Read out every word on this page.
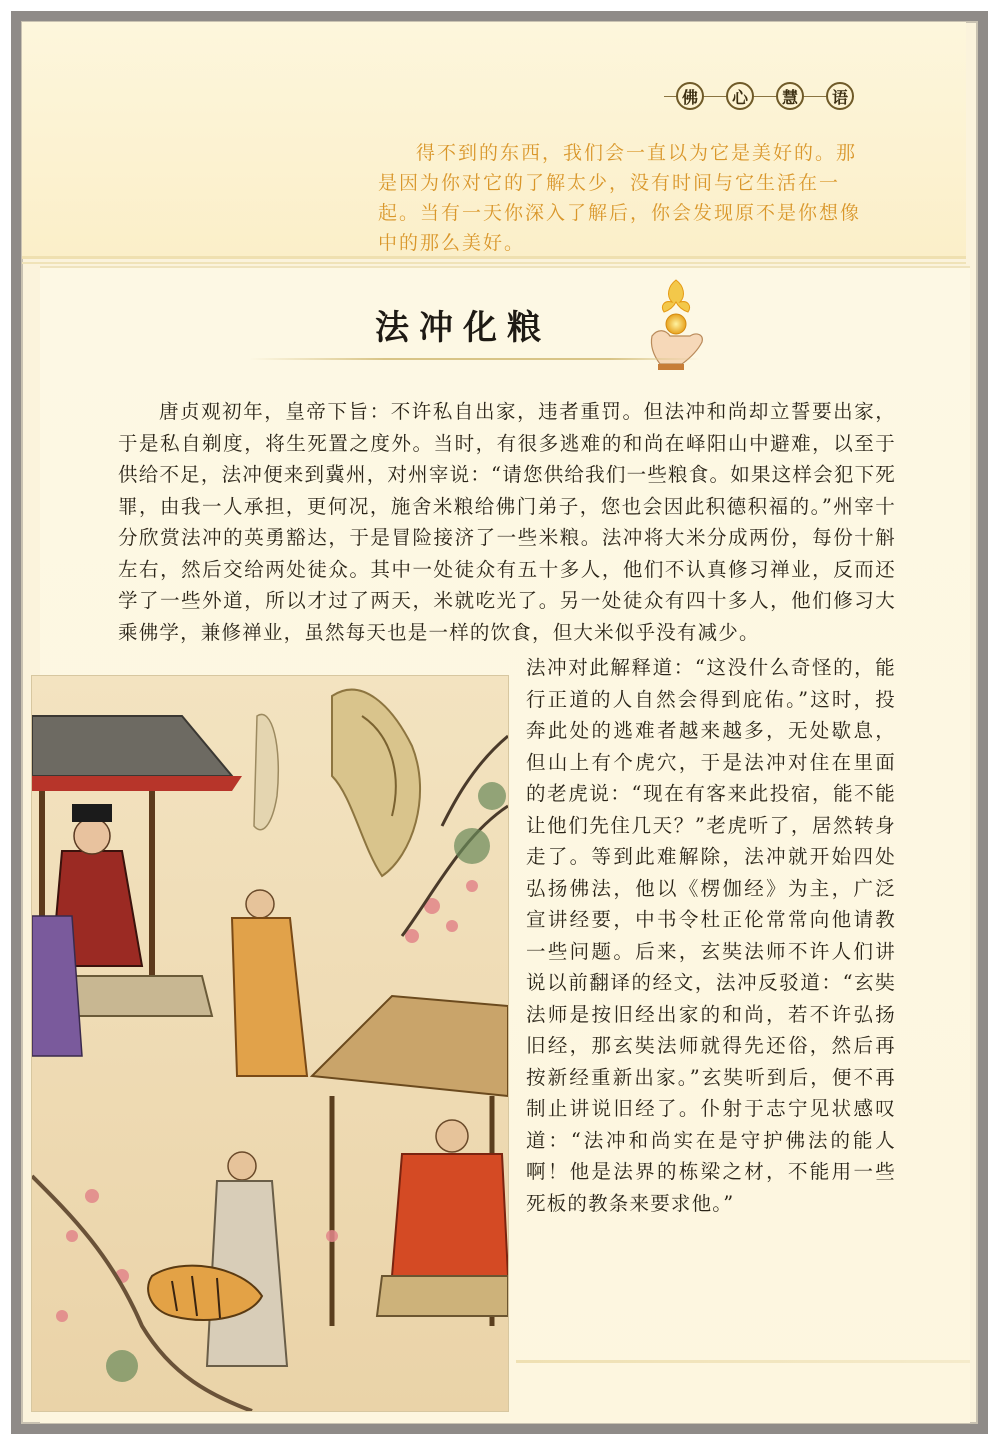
佛	心	慧	语

得不到的东西，我们会一直以为它是美好的。那是因为你对它的了解太少，没有时间与它生活在一起。当有一天你深入了解后，你会发现原不是你想像中的那么美好。

法冲化粮

唐贞观初年，皇帝下旨：不许私自出家，违者重罚。但法冲和尚却立誓要出家，于是私自剃度，将生死置之度外。当时，有很多逃难的和尚在峄阳山中避难，以至于供给不足，法冲便来到冀州，对州宰说：“请您供给我们一些粮食。如果这样会犯下死罪，由我一人承担，更何况，施舍米粮给佛门弟子，您也会因此积德积福的。”州宰十分欣赏法冲的英勇豁达，于是冒险接济了一些米粮。法冲将大米分成两份，每份十斛左右，然后交给两处徒众。其中一处徒众有五十多人，他们不认真修习禅业，反而还学了一些外道，所以才过了两天，米就吃光了。另一处徒众有四十多人，他们修习大乘佛学，兼修禅业，虽然每天也是一样的饮食，但大米似乎没有减少。

法冲对此解释道：“这没什么奇怪的，能行正道的人自然会得到庇佑。”这时，投奔此处的逃难者越来越多，无处歇息，但山上有个虎穴，于是法冲对住在里面的老虎说：“现在有客来此投宿，能不能让他们先住几天？”老虎听了，居然转身走了。等到此难解除，法冲就开始四处弘扬佛法，他以《楞伽经》为主，广泛宣讲经要，中书令杜正伦常常向他请教一些问题。后来，玄奘法师不许人们讲说以前翻译的经文，法冲反驳道：“玄奘法师是按旧经出家的和尚，若不许弘扬旧经，那玄奘法师就得先还俗，然后再按新经重新出家。”玄奘听到后，便不再制止讲说旧经了。仆射于志宁见状感叹道：“法冲和尚实在是守护佛法的能人啊！他是法界的栋梁之材，不能用一些死板的教条来要求他。”
